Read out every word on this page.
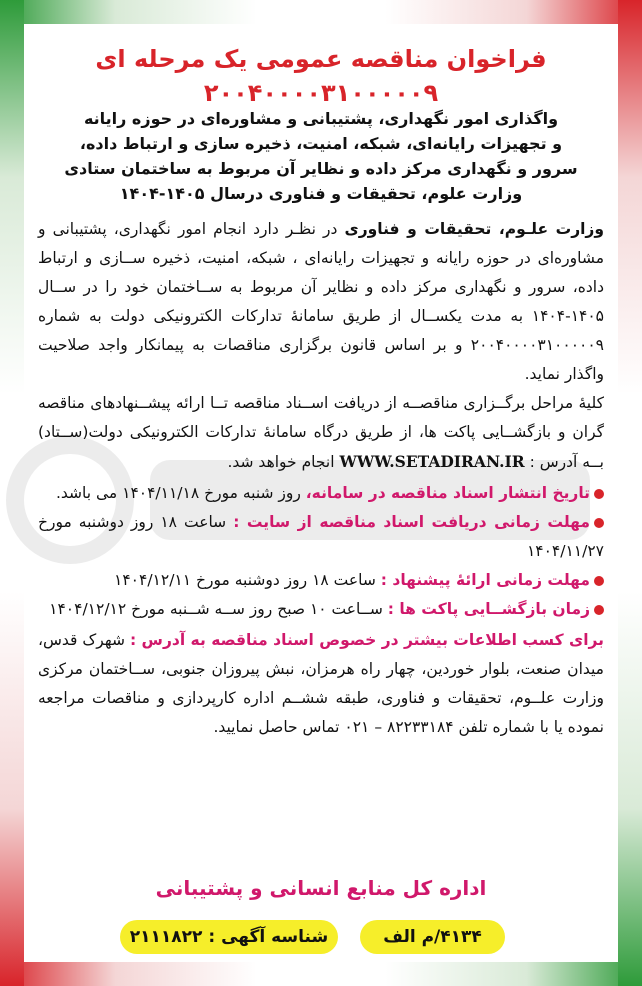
فراخوان مناقصه عمومی یک مرحله ای ۲۰۰۴۰۰۰۰۳۱۰۰۰۰۰۹
واگذاری امور نگهداری، پشتیبانی و مشاوره‌ای در حوزه رایانه
و تجهیزات رایانه‌ای، شبکه، امنیت، ذخیره سازی و ارتباط داده،
سرور و نگهداری مرکز داده و نظایر آن مربوط به ساختمان ستادی
وزارت علوم، تحقیقات و فناوری درسال ۱۴۰۵-۱۴۰۴
وزارت علـوم، تحقیقات و فناوری در نظـر دارد انجام امور نگهداری، پشتیبانی و مشاوره‌ای در حوزه رایانه و تجهیزات رایانه‌ای ، شبکه، امنیت، ذخیره ســازی و ارتباط داده، سرور و نگهداری مرکز داده و نظایر آن مربوط به ســاختمان خود را در ســال ۱۴۰۵-۱۴۰۴ به مدت یکســال از طریق سامانهٔ تدارکات الکترونیکی دولت به شماره ۲۰۰۴۰۰۰۰۳۱۰۰۰۰۰۹ و بر اساس قانون برگزاری مناقصات به پیمانکار واجد صلاحیت واگذار نماید.
کلیهٔ مراحل برگــزاری مناقصــه از دریافت اســناد مناقصه تــا ارائه پیشــنهادهای مناقصه گران و بازگشــایی پاکت ها، از طریق درگاه سامانهٔ تدارکات الکترونیکی دولت(ســتاد) بــه آدرس : WWW.SETADIRAN.IR انجام خواهد شد.
تاریخ انتشار اسناد مناقصه در سامانه، روز شنبه مورخ ۱۴۰۴/۱۱/۱۸ می باشد.
مهلت زمانی دریافت اسناد مناقصه از سایت : ساعت ۱۸ روز دوشنبه مورخ ۱۴۰۴/۱۱/۲۷
مهلت زمانی ارائهٔ پیشنهاد : ساعت ۱۸ روز دوشنبه مورخ ۱۴۰۴/۱۲/۱۱
زمان بازگشــایی پاکت ها : ســاعت ۱۰ صبح روز ســه شــنبه مورخ ۱۴۰۴/۱۲/۱۲
برای کسب اطلاعات بیشتر در خصوص اسناد مناقصه به آدرس : شهرک قدس، میدان صنعت، بلوار خوردین، چهار راه هرمزان، نبش پیروزان جنوبی، ســاختمان مرکزی وزارت علــوم، تحقیقات و فناوری، طبقه ششــم اداره کارپردازی و مناقصات مراجعه نموده یا با شماره تلفن ۸۲۲۳۳۱۸۴ – ۰۲۱ تماس حاصل نمایید.
اداره کل منابع انسانی و پشتیبانی
شناسه آگهی : ۲۱۱۱۸۲۲	۴۱۳۴/م الف
